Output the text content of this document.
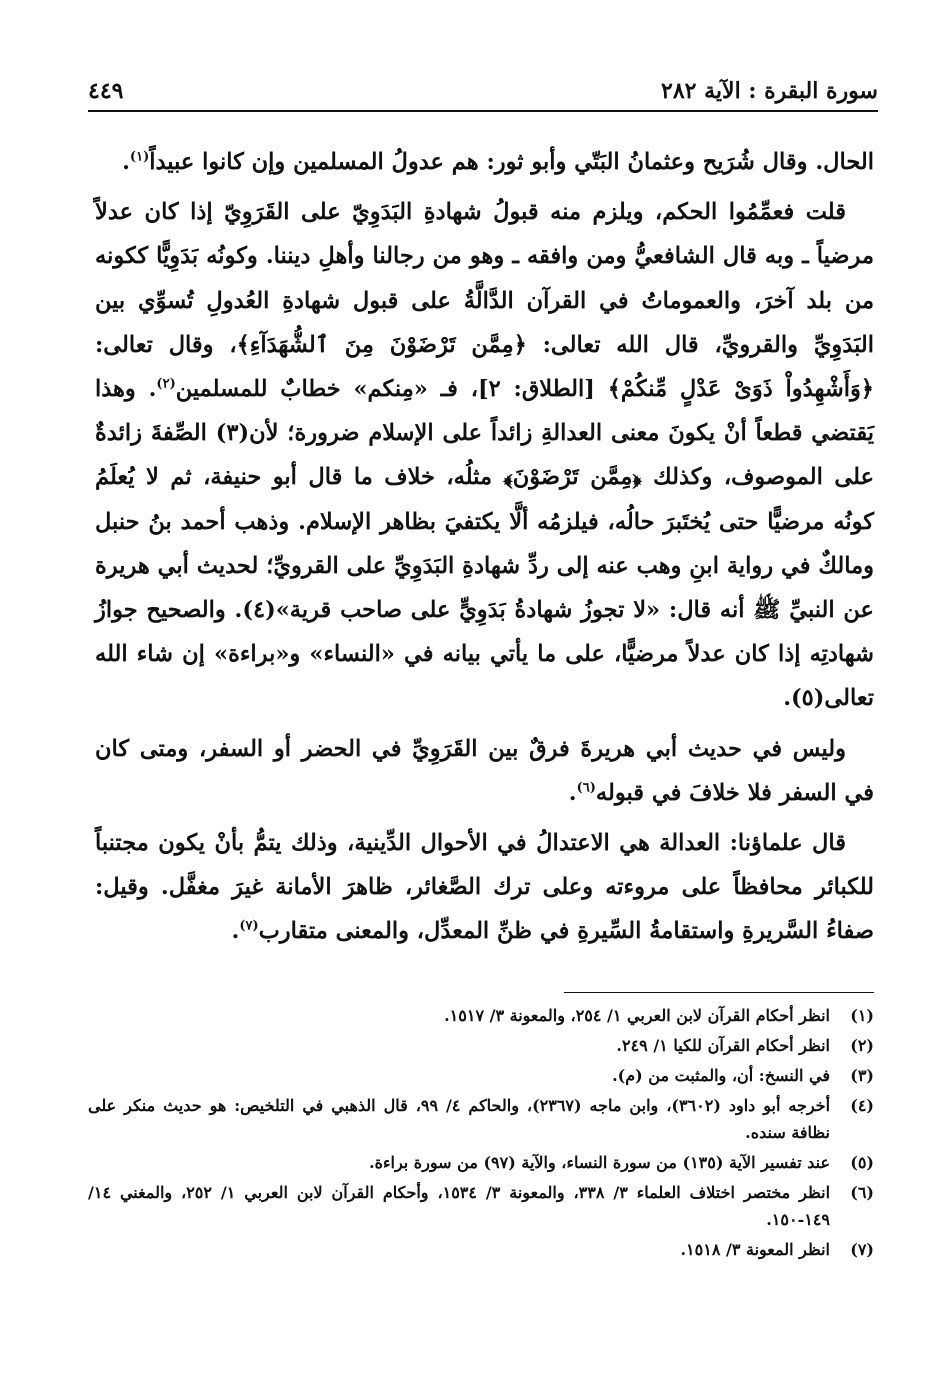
سورة البقرة : الآية ٢٨٢
٤٤٩

الحال. وقال شُرَيح وعثمانُ البَتّي وأبو ثور: هم عدولُ المسلمين وإن كانوا عبيداً$^{(١)}$.

قلت فعمِّمُوا الحكم، ويلزم منه قبولُ شهادةِ البَدَوِيّ على القَرَوِيّ إذا كان عدلاً مرضياً ـ وبه قال الشافعيُّ ومن وافقه ـ وهو من رجالنا وأهلِ ديننا. وكونُه بَدَوِيًّا ككونه من بلد آخرَ، والعموماتُ في القرآن الدَّالَّةُ على قبول شهادةِ العُدولِ تُسوِّي بين البَدَوِيِّ والقرويِّ، قال الله تعالى: ﴿مِمَّن تَرْضَوْنَ مِنَ ٱلشُّهَدَآءِ﴾، وقال تعالى: ﴿وَأَشْهِدُواْ ذَوَىْ عَدْلٍ مِّنكُمْ﴾ [الطلاق: ٢]، فـ «مِنكم» خطابٌ للمسلمين$^{(٢)}$. وهذا يَقتضي قطعاً أنْ يكونَ معنى العدالةِ زائداً على الإسلام ضرورة؛ لأن(٣) الصِّفةَ زائدةٌ على الموصوف، وكذلك ﴿مِمَّن تَرْضَوْنَ﴾ مثلُه، خلاف ما قال أبو حنيفة، ثم لا يُعلَمُ كونُه مرضيًّا حتى يُختَبرَ حالُه، فيلزمُه ألَّا يكتفيَ بظاهر الإسلام. وذهب أحمد بنُ حنبل ومالكٌ في رواية ابنِ وهب عنه إلى ردِّ شهادةِ البَدَوِيِّ على القرويِّ؛ لحديث أبي هريرة عن النبيِّ ﷺ أنه قال: «لا تجوزُ شهادةُ بَدَوِيٍّ على صاحب قرية»(٤). والصحيح جوازُ شهادتِه إذا كان عدلاً مرضيًّا، على ما يأتي بيانه في «النساء» و«براءة» إن شاء الله تعالى(٥).

وليس في حديث أبي هريرةَ فرقٌ بين القَرَوِيِّ في الحضر أو السفر، ومتى كان في السفر فلا خلافَ في قبوله$^{(٦)}$.

قال علماؤنا: العدالة هي الاعتدالُ في الأحوال الدِّينية، وذلك يتمُّ بأنْ يكون مجتنباً للكبائر محافظاً على مروءته وعلى ترك الصَّغائر، ظاهرَ الأمانة غيرَ مغفَّل. وقيل: صفاءُ السَّريرةِ واستقامةُ السِّيرةِ في ظنِّ المعدِّل، والمعنى متقارب$^{(٧)}$.

(١)
انظر أحكام القرآن لابن العربي ١/ ٢٥٤، والمعونة ٣/ ١٥١٧.
(٢)
انظر أحكام القرآن للكيا ١/ ٢٤٩.
(٣)
في النسخ: أن، والمثبت من (م).
(٤)
أخرجه أبو داود (٣٦٠٢)، وابن ماجه (٢٣٦٧)، والحاكم ٤/ ٩٩، قال الذهبي في التلخيص: هو حديث منكر على نظافة سنده.
(٥)
عند تفسير الآية (١٣٥) من سورة النساء، والآية (٩٧) من سورة براءة.
(٦)
انظر مختصر اختلاف العلماء ٣/ ٣٣٨، والمعونة ٣/ ١٥٣٤، وأحكام القرآن لابن العربي ١/ ٢٥٢، والمغني ١٤/ ١٤٩-١٥٠.
(٧)
انظر المعونة ٣/ ١٥١٨.
